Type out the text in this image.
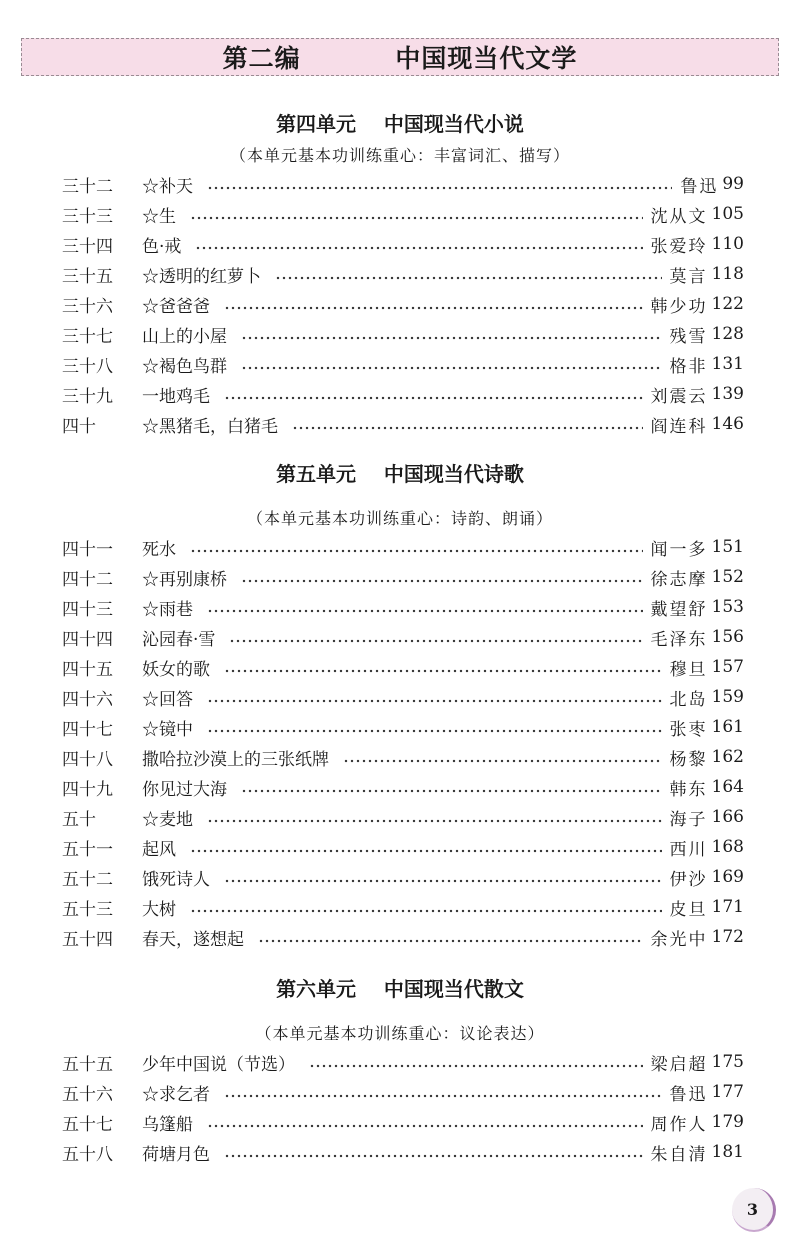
第二编    中国现当代文学
第四单元    中国现当代小说
（本单元基本功训练重心：丰富词汇、描写）
三十二	☆补天	鲁迅 99
三十三	☆生	沈从文 105
三十四	色·戒	张爱玲 110
三十五	☆透明的红萝卜	莫言 118
三十六	☆爸爸爸	韩少功 122
三十七	山上的小屋	残雪 128
三十八	☆褐色鸟群	格非 131
三十九	一地鸡毛	刘震云 139
四十	☆黑猪毛，白猪毛	阎连科 146
第五单元    中国现当代诗歌
（本单元基本功训练重心：诗韵、朗诵）
四十一	死水	闻一多 151
四十二	☆再别康桥	徐志摩 152
四十三	☆雨巷	戴望舒 153
四十四	沁园春·雪	毛泽东 156
四十五	妖女的歌	穆旦 157
四十六	☆回答	北岛 159
四十七	☆镜中	张枣 161
四十八	撒哈拉沙漠上的三张纸牌	杨黎 162
四十九	你见过大海	韩东 164
五十	☆麦地	海子 166
五十一	起风	西川 168
五十二	饿死诗人	伊沙 169
五十三	大树	皮旦 171
五十四	春天，遂想起	余光中 172
第六单元    中国现当代散文
（本单元基本功训练重心：议论表达）
五十五	少年中国说（节选）	梁启超 175
五十六	☆求乞者	鲁迅 177
五十七	乌篷船	周作人 179
五十八	荷塘月色	朱自清 181
3
